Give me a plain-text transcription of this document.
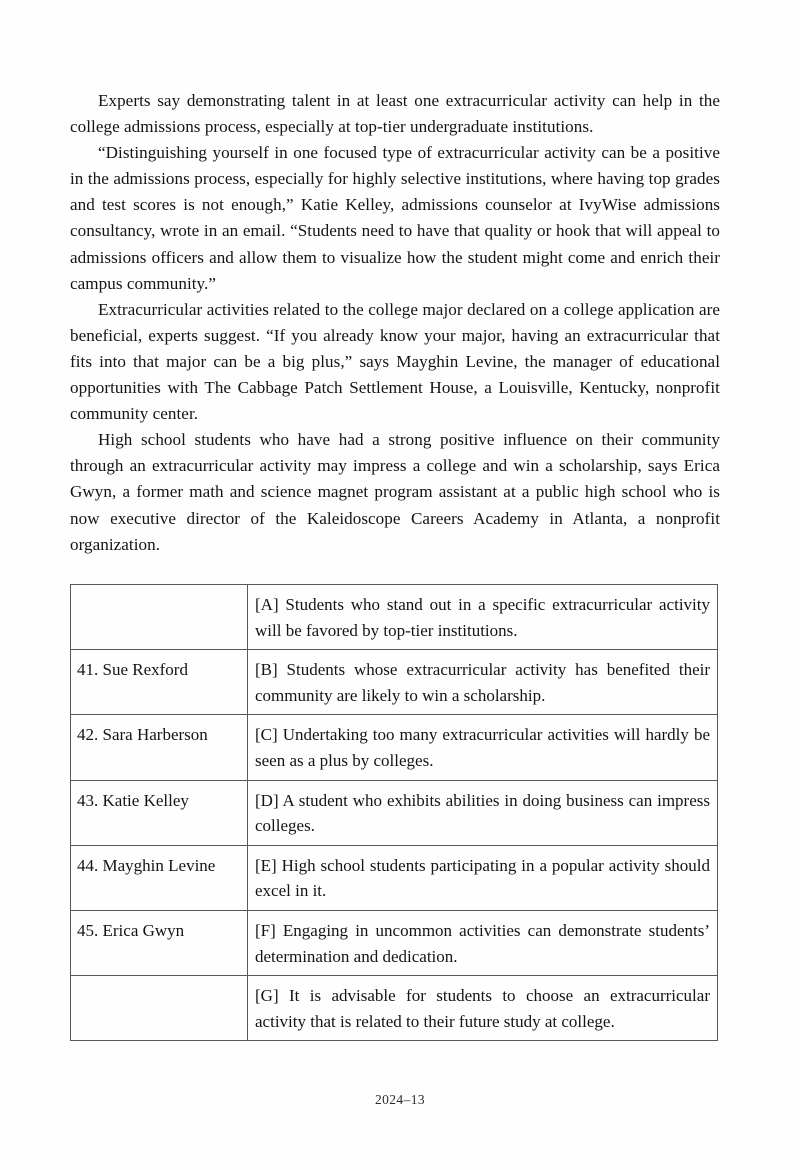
Experts say demonstrating talent in at least one extracurricular activity can help in the college admissions process, especially at top-tier undergraduate institutions.

“Distinguishing yourself in one focused type of extracurricular activity can be a positive in the admissions process, especially for highly selective institutions, where having top grades and test scores is not enough,” Katie Kelley, admissions counselor at IvyWise admissions consultancy, wrote in an email. “Students need to have that quality or hook that will appeal to admissions officers and allow them to visualize how the student might come and enrich their campus community.”

Extracurricular activities related to the college major declared on a college application are beneficial, experts suggest. “If you already know your major, having an extracurricular that fits into that major can be a big plus,” says Mayghin Levine, the manager of educational opportunities with The Cabbage Patch Settlement House, a Louisville, Kentucky, nonprofit community center.

High school students who have had a strong positive influence on their community through an extracurricular activity may impress a college and win a scholarship, says Erica Gwyn, a former math and science magnet program assistant at a public high school who is now executive director of the Kaleidoscope Careers Academy in Atlanta, a nonprofit organization.

	[A] Students who stand out in a specific extracurricular activity will be favored by top-tier institutions.
41. Sue Rexford	[B] Students whose extracurricular activity has benefited their community are likely to win a scholarship.
42. Sara Harberson	[C] Undertaking too many extracurricular activities will hardly be seen as a plus by colleges.
43. Katie Kelley	[D] A student who exhibits abilities in doing business can impress colleges.
44. Mayghin Levine	[E] High school students participating in a popular activity should excel in it.
45. Erica Gwyn	[F] Engaging in uncommon activities can demonstrate students’ determination and dedication.
	[G] It is advisable for students to choose an extracurricular activity that is related to their future study at college.
2024–13
